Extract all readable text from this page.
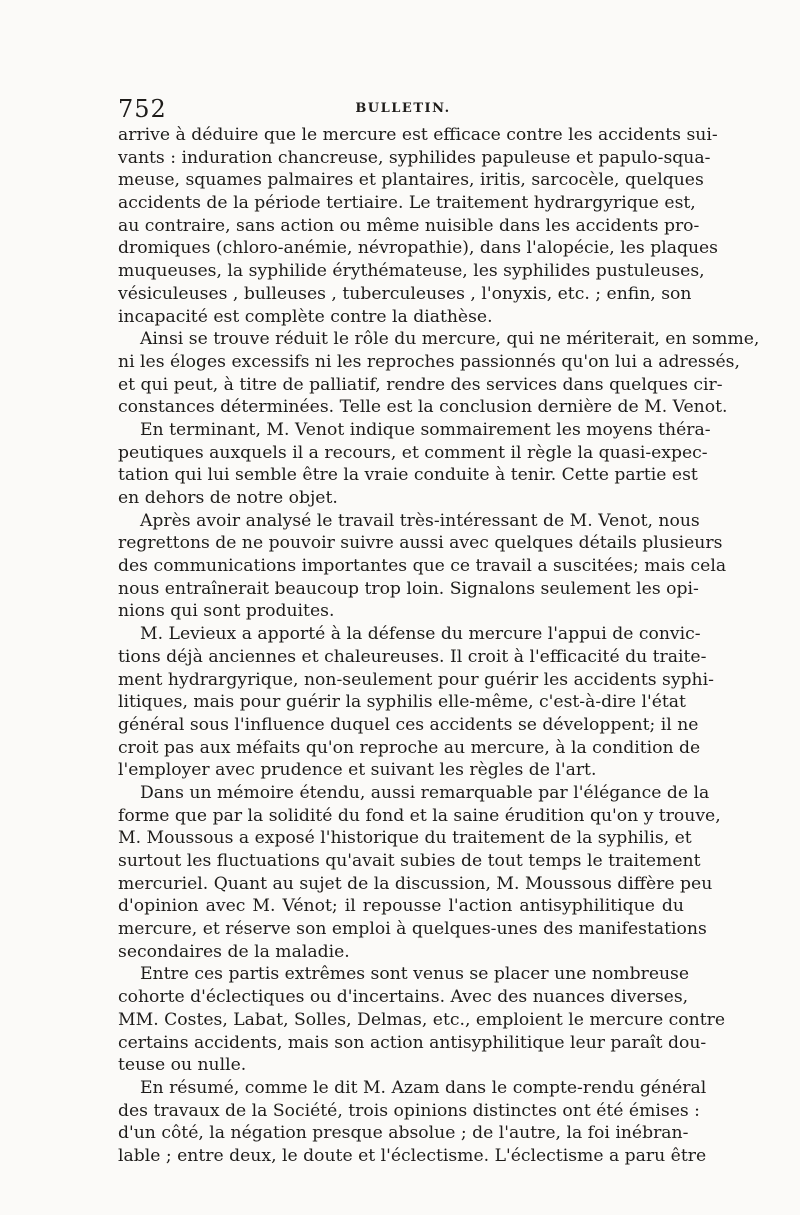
752	BULLETIN.
arrive à déduire que le mercure est efficace contre les accidents sui-
vants : induration chancreuse, syphilides papuleuse et papulo-squa-
meuse, squames palmaires et plantaires, iritis, sarcocèle, quelques
accidents de la période tertiaire. Le traitement hydrargyrique est,
au contraire, sans action ou même nuisible dans les accidents pro-
dromiques (chloro-anémie, névropathie), dans l'alopécie, les plaques
muqueuses, la syphilide érythémateuse, les syphilides pustuleuses,
vésiculeuses , bulleuses , tuberculeuses , l'onyxis, etc. ; enfin, son
incapacité est complète contre la diathèse.
Ainsi se trouve réduit le rôle du mercure, qui ne mériterait, en somme,
ni les éloges excessifs ni les reproches passionnés qu'on lui a adressés,
et qui peut, à titre de palliatif, rendre des services dans quelques cir-
constances déterminées. Telle est la conclusion dernière de M. Venot.
En terminant, M. Venot indique sommairement les moyens théra-
peutiques auxquels il a recours, et comment il règle la quasi-expec-
tation qui lui semble être la vraie conduite à tenir. Cette partie est
en dehors de notre objet.
Après avoir analysé le travail très-intéressant de M. Venot, nous
regrettons de ne pouvoir suivre aussi avec quelques détails plusieurs
des communications importantes que ce travail a suscitées; mais cela
nous entraînerait beaucoup trop loin. Signalons seulement les opi-
nions qui sont produites.
M. Levieux a apporté à la défense du mercure l'appui de convic-
tions déjà anciennes et chaleureuses. Il croit à l'efficacité du traite-
ment hydrargyrique, non-seulement pour guérir les accidents syphi-
litiques, mais pour guérir la syphilis elle-même, c'est-à-dire l'état
général sous l'influence duquel ces accidents se développent; il ne
croit pas aux méfaits qu'on reproche au mercure, à la condition de
l'employer avec prudence et suivant les règles de l'art.
Dans un mémoire étendu, aussi remarquable par l'élégance de la
forme que par la solidité du fond et la saine érudition qu'on y trouve,
M. Moussous a exposé l'historique du traitement de la syphilis, et
surtout les fluctuations qu'avait subies de tout temps le traitement
mercuriel. Quant au sujet de la discussion, M. Moussous diffère peu
d'opinion avec M. Vénot; il repousse l'action antisyphilitique du
mercure, et réserve son emploi à quelques-unes des manifestations
secondaires de la maladie.
Entre ces partis extrêmes sont venus se placer une nombreuse
cohorte d'éclectiques ou d'incertains. Avec des nuances diverses,
MM. Costes, Labat, Solles, Delmas, etc., emploient le mercure contre
certains accidents, mais son action antisyphilitique leur paraît dou-
teuse ou nulle.
En résumé, comme le dit M. Azam dans le compte-rendu général
des travaux de la Société, trois opinions distinctes ont été émises :
d'un côté, la négation presque absolue ; de l'autre, la foi inébran-
lable ; entre deux, le doute et l'éclectisme. L'éclectisme a paru être
